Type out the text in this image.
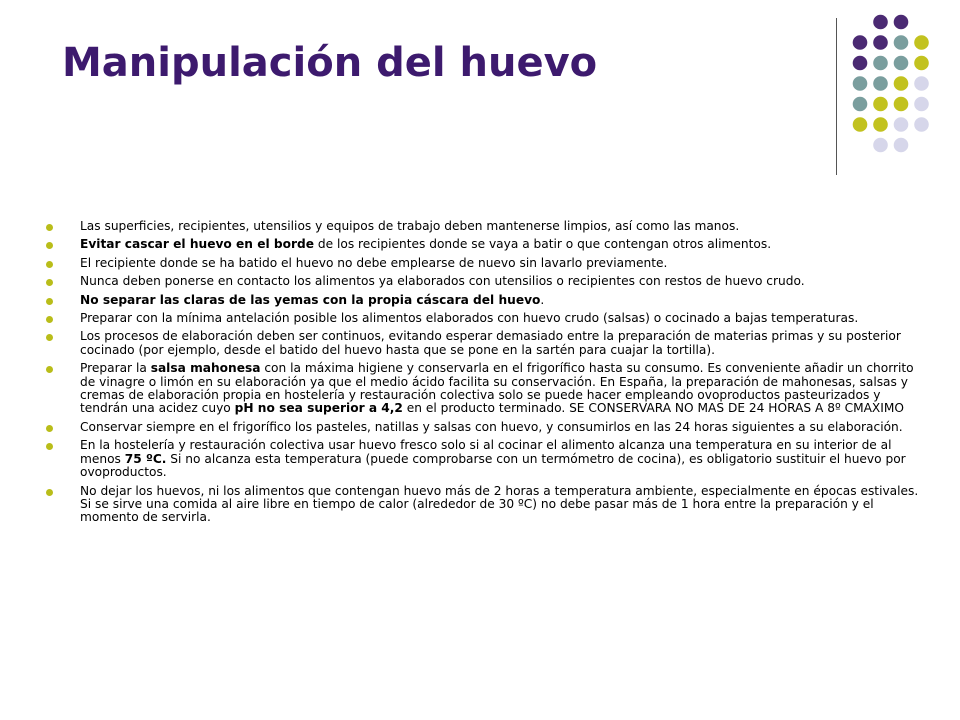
Manipulación del huevo
Las superficies, recipientes, utensilios y equipos de trabajo deben mantenerse limpios, así como las manos.
Evitar cascar el huevo en el borde de los recipientes donde se vaya a batir o que contengan otros alimentos.
El recipiente donde se ha batido el huevo no debe emplearse de nuevo sin lavarlo previamente.
Nunca deben ponerse en contacto los alimentos ya elaborados con utensilios o recipientes con restos de huevo crudo.
No separar las claras de las yemas con la propia cáscara del huevo.
Preparar con la mínima antelación posible los alimentos elaborados con huevo crudo (salsas) o cocinado a bajas temperaturas.
Los procesos de elaboración deben ser continuos, evitando esperar demasiado entre la preparación de materias primas y su posterior cocinado (por ejemplo, desde el batido del huevo hasta que se pone en la sartén para cuajar la tortilla).
Preparar la salsa mahonesa con la máxima higiene y conservarla en el frigorífico hasta su consumo. Es conveniente añadir un chorrito de vinagre o limón en su elaboración ya que el medio ácido facilita su conservación. En España, la preparación de mahonesas, salsas y cremas de elaboración propia en hostelería y restauración colectiva solo se puede hacer empleando ovoproductos pasteurizados y tendrán una acidez cuyo pH no sea superior a 4,2 en el producto terminado. SE CONSERVARA NO MAS DE 24 HORAS A 8º CMAXIMO
Conservar siempre en el frigorífico los pasteles, natillas y salsas con huevo, y consumirlos en las 24 horas siguientes a su elaboración.
En la hostelería y restauración colectiva usar huevo fresco solo si al cocinar el alimento alcanza una temperatura en su interior de al menos 75 ºC. Si no alcanza esta temperatura (puede comprobarse con un termómetro de cocina), es obligatorio sustituir el huevo por ovoproductos.
No dejar los huevos, ni los alimentos que contengan huevo más de 2 horas a temperatura ambiente, especialmente en épocas estivales. Si se sirve una comida al aire libre en tiempo de calor (alrededor de 30 ºC) no debe pasar más de 1 hora entre la preparación y el momento de servirla.
